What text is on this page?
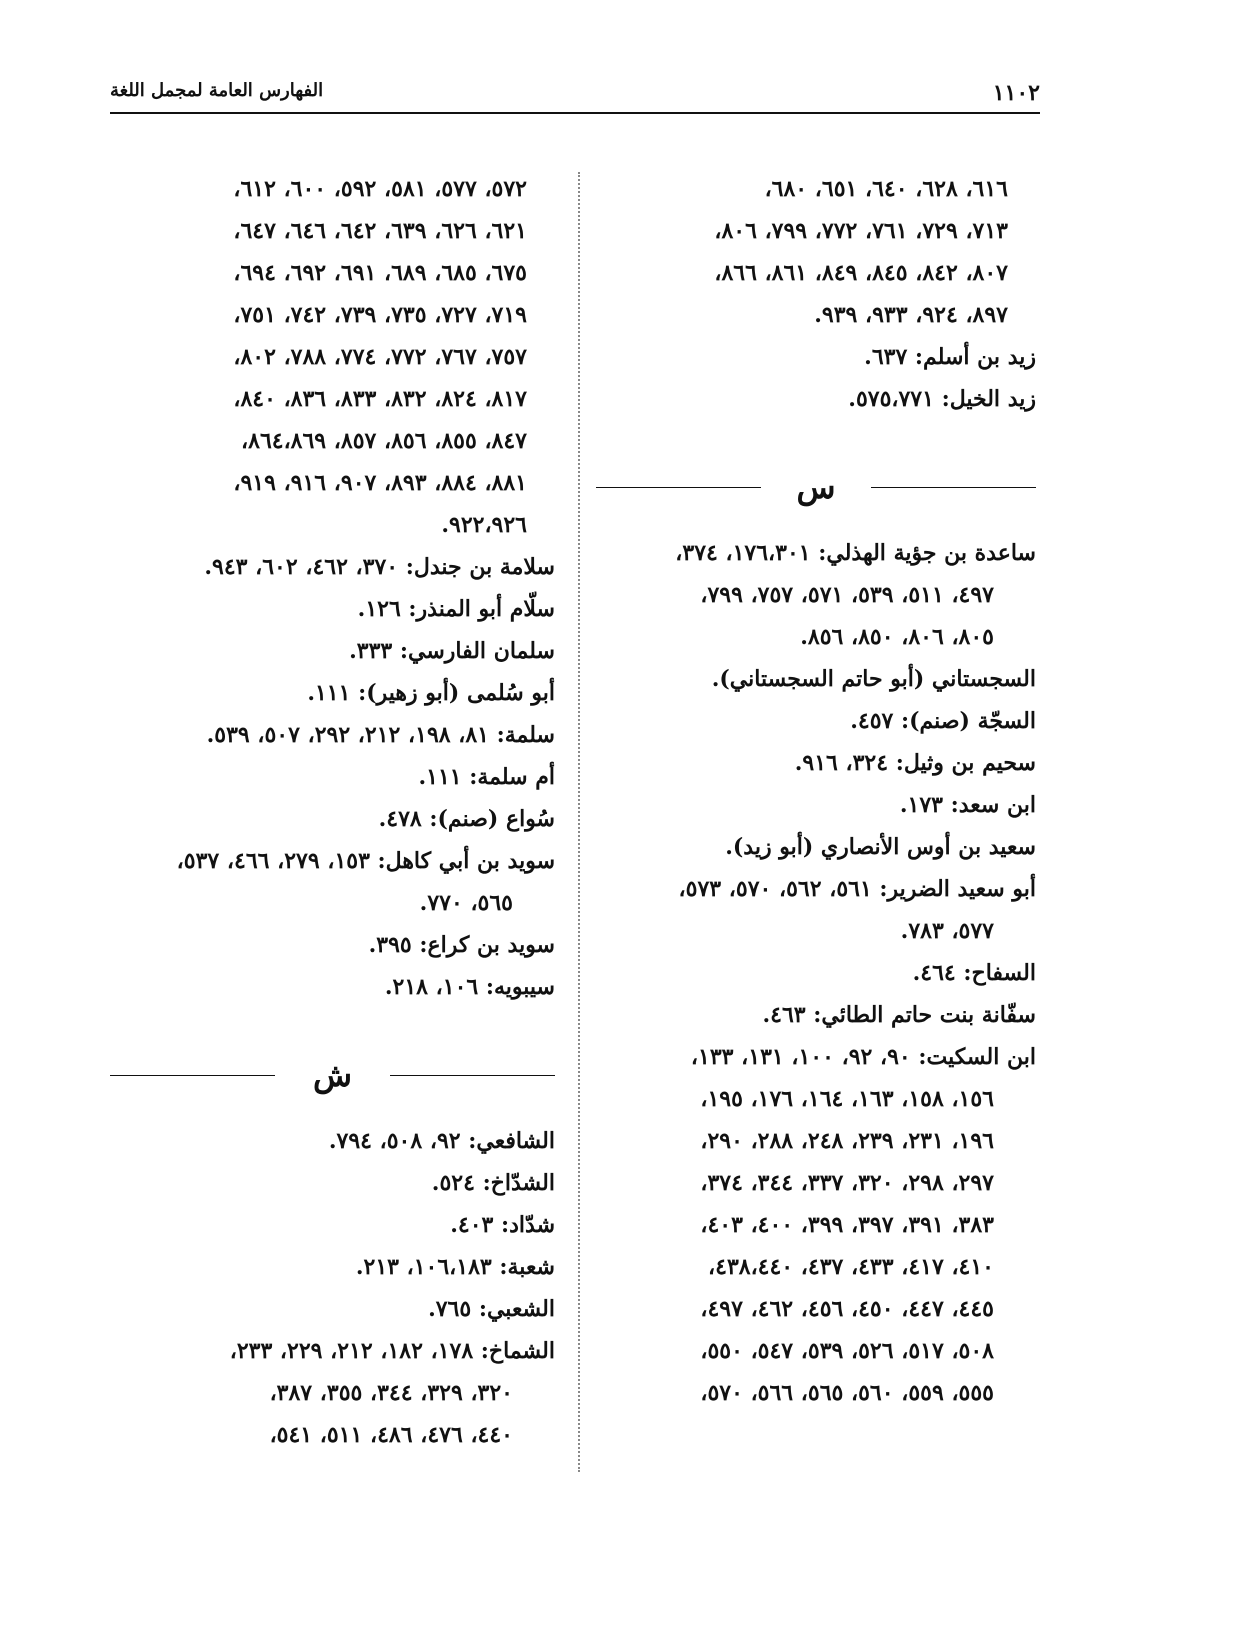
١١٠٢
الفهارس العامة لمجمل اللغة
٦١٦، ٦٢٨، ٦٤٠، ٦٥١، ٦٨٠،
٧١٣، ٧٢٩، ٧٦١، ٧٧٢، ٧٩٩، ٨٠٦،
٨٠٧، ٨٤٢، ٨٤٥، ٨٤٩، ٨٦١، ٨٦٦،
٨٩٧، ٩٢٤، ٩٣٣، ٩٣٩.
زيد بن أسلم: ٦٣٧.
زيد الخيل: ٥٧٥،٧٧١.
س
ساعدة بن جؤية الهذلي: ١٧٦،٣٠١، ٣٧٤،
٤٩٧، ٥١١، ٥٣٩، ٥٧١، ٧٥٧، ٧٩٩،
٨٠٥، ٨٠٦، ٨٥٠، ٨٥٦.
السجستاني (أبو حاتم السجستاني).
السجّة (صنم): ٤٥٧.
سحيم بن وثيل: ٣٢٤، ٩١٦.
ابن سعد: ١٧٣.
سعيد بن أوس الأنصاري (أبو زيد).
أبو سعيد الضرير: ٥٦١، ٥٦٢، ٥٧٠، ٥٧٣،
٥٧٧، ٧٨٣.
السفاح: ٤٦٤.
سفّانة بنت حاتم الطائي: ٤٦٣.
ابن السكيت: ٩٠، ٩٢، ١٠٠، ١٣١، ١٣٣،
١٥٦، ١٥٨، ١٦٣، ١٦٤، ١٧٦، ١٩٥،
١٩٦، ٢٣١، ٢٣٩، ٢٤٨، ٢٨٨، ٢٩٠،
٢٩٧، ٢٩٨، ٣٢٠، ٣٣٧، ٣٤٤، ٣٧٤،
٣٨٣، ٣٩١، ٣٩٧، ٣٩٩، ٤٠٠، ٤٠٣،
٤١٠، ٤١٧، ٤٣٣، ٤٣٧، ٤٣٨،٤٤٠،
٤٤٥، ٤٤٧، ٤٥٠، ٤٥٦، ٤٦٢، ٤٩٧،
٥٠٨، ٥١٧، ٥٢٦، ٥٣٩، ٥٤٧، ٥٥٠،
٥٥٥، ٥٥٩، ٥٦٠، ٥٦٥، ٥٦٦، ٥٧٠،
٥٧٢، ٥٧٧، ٥٨١، ٥٩٢، ٦٠٠، ٦١٢،
٦٢١، ٦٢٦، ٦٣٩، ٦٤٢، ٦٤٦، ٦٤٧،
٦٧٥، ٦٨٥، ٦٨٩، ٦٩١، ٦٩٢، ٦٩٤،
٧١٩، ٧٢٧، ٧٣٥، ٧٣٩، ٧٤٢، ٧٥١،
٧٥٧، ٧٦٧، ٧٧٢، ٧٧٤، ٧٨٨، ٨٠٢،
٨١٧، ٨٢٤، ٨٣٢، ٨٣٣، ٨٣٦، ٨٤٠،
٨٤٧، ٨٥٥، ٨٥٦، ٨٥٧، ٨٦٤،٨٦٩،
٨٨١، ٨٨٤، ٨٩٣، ٩٠٧، ٩١٦، ٩١٩،
٩٢٢،٩٢٦.
سلامة بن جندل: ٣٧٠، ٤٦٢، ٦٠٢، ٩٤٣.
سلّام أبو المنذر: ١٢٦.
سلمان الفارسي: ٣٣٣.
أبو سُلمى (أبو زهير): ١١١.
سلمة: ٨١، ١٩٨، ٢١٢، ٢٩٢، ٥٠٧، ٥٣٩.
أم سلمة: ١١١.
سُواع (صنم): ٤٧٨.
سويد بن أبي كاهل: ١٥٣، ٢٧٩، ٤٦٦، ٥٣٧،
٥٦٥، ٧٧٠.
سويد بن كراع: ٣٩٥.
سيبويه: ١٠٦، ٢١٨.
ش
الشافعي: ٩٢، ٥٠٨، ٧٩٤.
الشدّاخ: ٥٢٤.
شدّاد: ٤٠٣.
شعبة: ١٠٦،١٨٣، ٢١٣.
الشعبي: ٧٦٥.
الشماخ: ١٧٨، ١٨٢، ٢١٢، ٢٢٩، ٢٣٣،
٣٢٠، ٣٢٩، ٣٤٤، ٣٥٥، ٣٨٧،
٤٤٠، ٤٧٦، ٤٨٦، ٥١١، ٥٤١،
